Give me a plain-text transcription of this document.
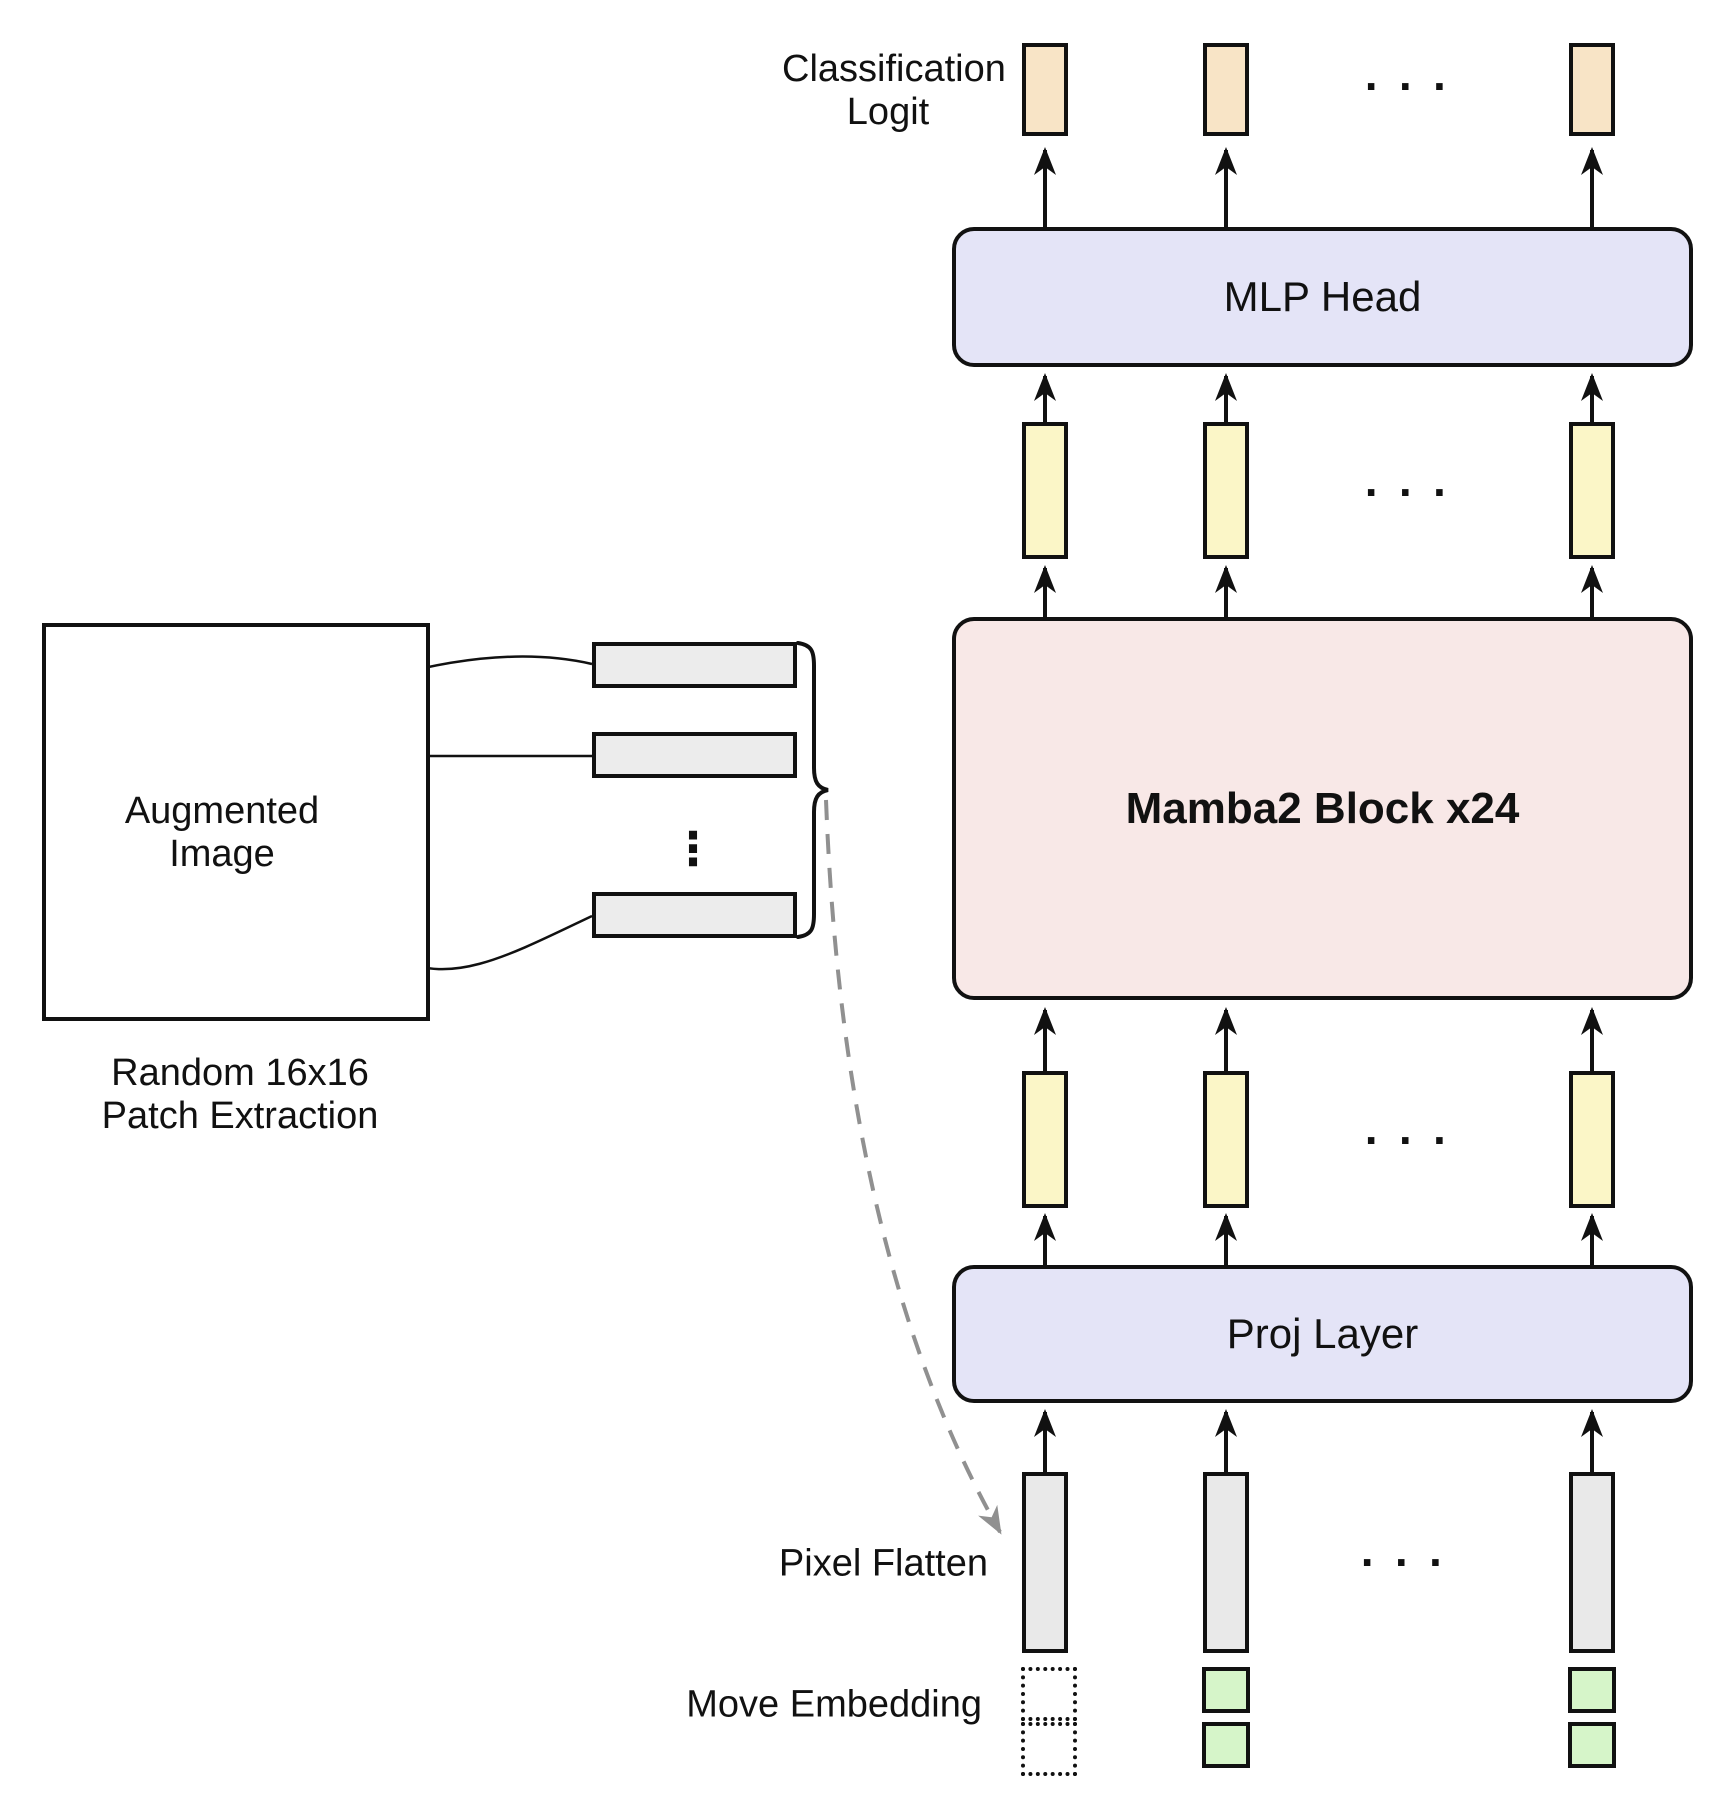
Augmented Image
Random 16x16 Patch Extraction
⋮
MLP Head
Mamba2 Block x24
Proj Layer
Classification Logit	· · ·
· · ·
· · ·
· · ·
Pixel Flatten
Move Embedding
